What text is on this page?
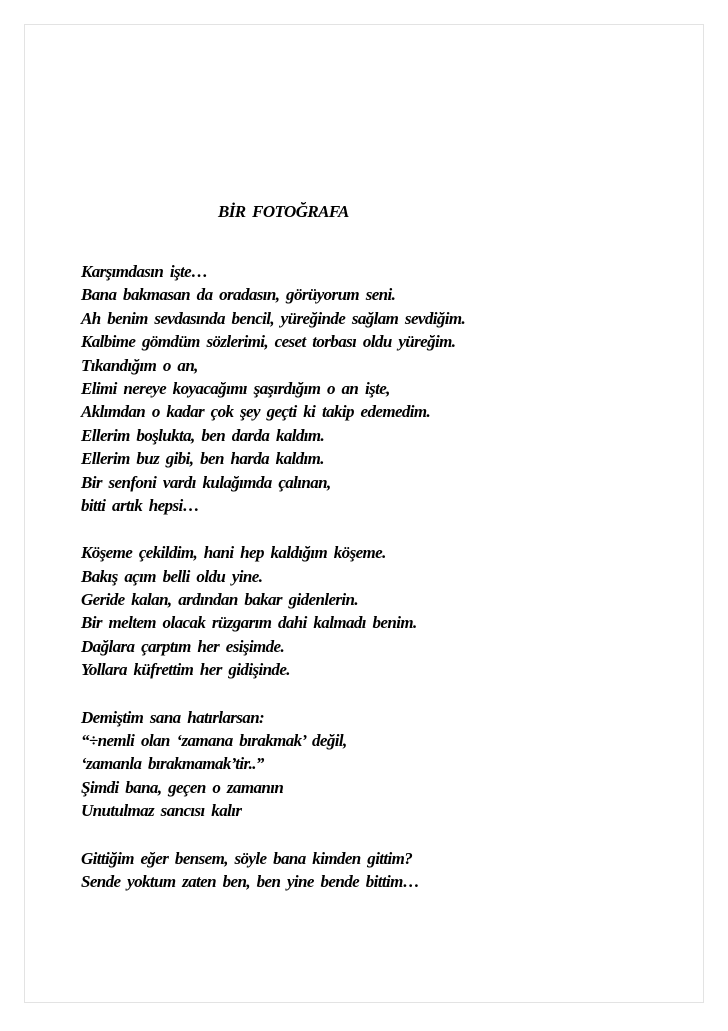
BİR FOTOĞRAFA
Karşımdasın işte…
Bana bakmasan da oradasın, görüyorum seni.
Ah benim sevdasında bencil, yüreğinde sağlam sevdiğim.
Kalbime gömdüm sözlerimi, ceset torbası oldu yüreğim.
Tıkandığım o an,
Elimi nereye koyacağımı şaşırdığım o an işte,
Aklımdan o kadar çok şey geçti ki takip edemedim.
Ellerim boşlukta, ben darda kaldım.
Ellerim buz gibi, ben harda kaldım.
Bir senfoni vardı kulağımda çalınan,
bitti artık hepsi…
Köşeme çekildim, hani hep kaldığım köşeme.
Bakış açım belli oldu yine.
Geride kalan, ardından bakar gidenlerin.
Bir meltem olacak rüzgarım dahi kalmadı benim.
Dağlara çarptım her esişimde.
Yollara küfrettim her gidişinde.
Demiştim sana hatırlarsan:
“÷nemli olan ‘zamana bırakmak’ değil,
‘zamanla bırakmamak’tir..”
Şimdi bana, geçen o zamanın
Unutulmaz sancısı kalır
Gittiğim eğer bensem, söyle bana kimden gittim?
Sende yoktum zaten ben, ben yine bende bittim…
